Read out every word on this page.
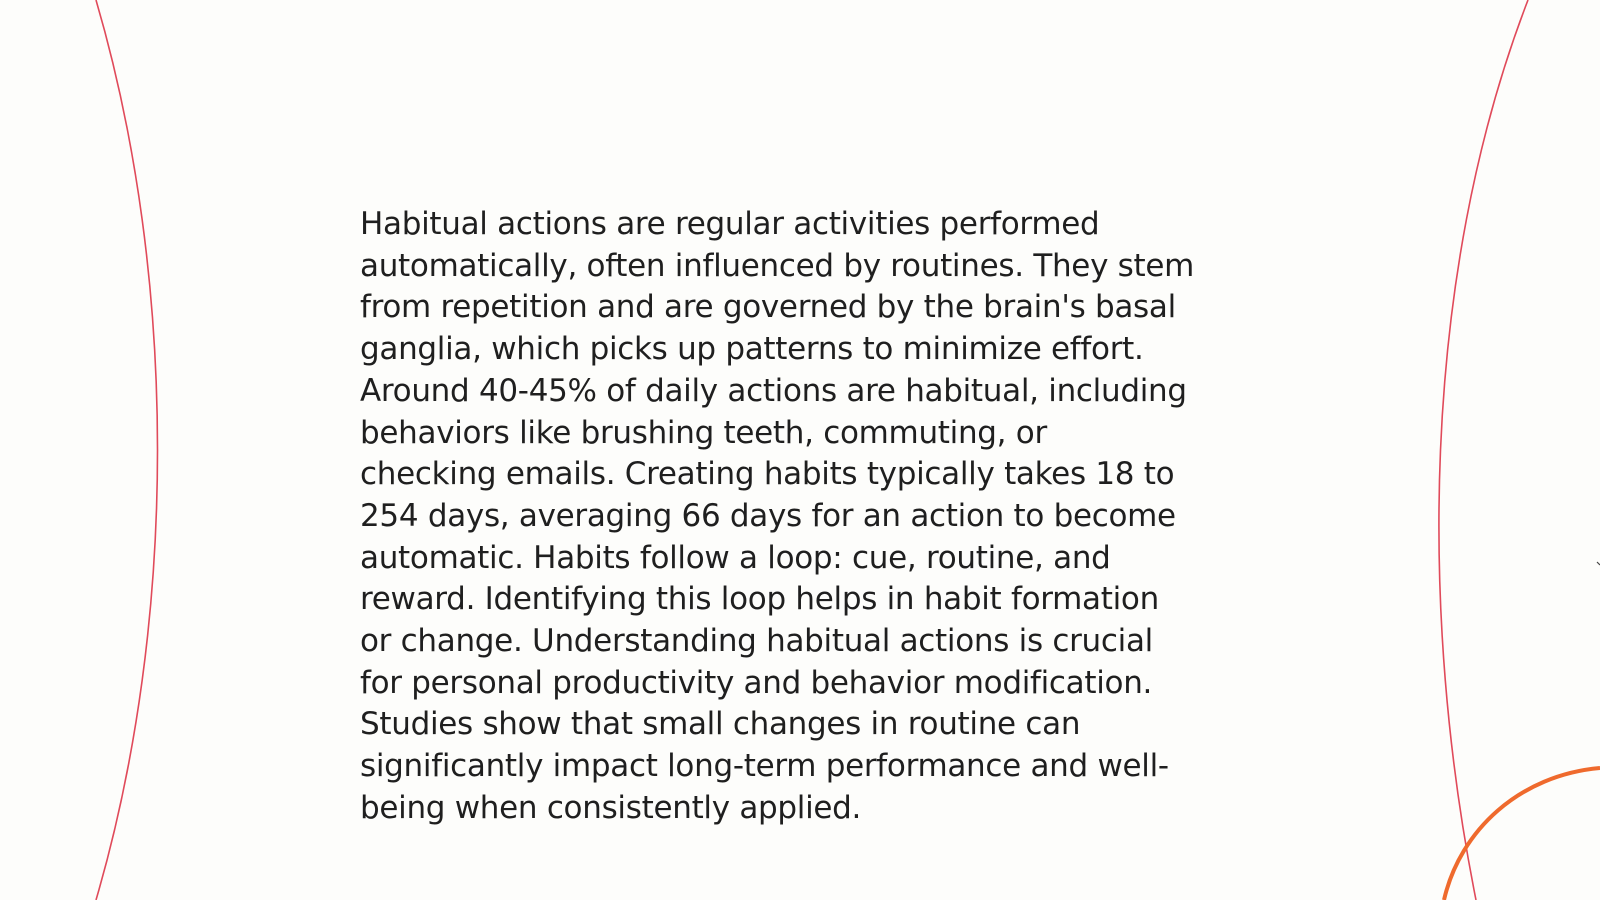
Habitual actions are regular activities performed
automatically, often influenced by routines. They stem
from repetition and are governed by the brain's basal
ganglia, which picks up patterns to minimize effort.
Around 40-45% of daily actions are habitual, including
behaviors like brushing teeth, commuting, or
checking emails. Creating habits typically takes 18 to
254 days, averaging 66 days for an action to become
automatic. Habits follow a loop: cue, routine, and
reward. Identifying this loop helps in habit formation
or change. Understanding habitual actions is crucial
for personal productivity and behavior modification.
Studies show that small changes in routine can
significantly impact long-term performance and well-
being when consistently applied.
